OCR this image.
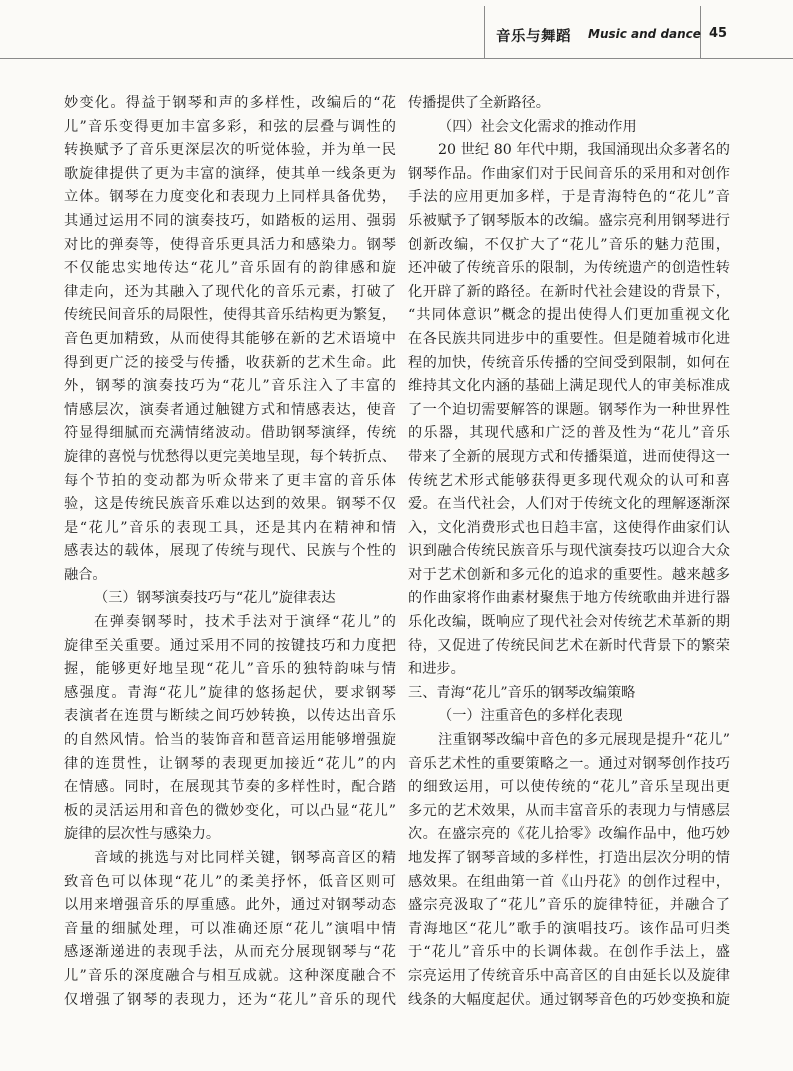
音乐与舞蹈 Music and dance 45
妙变化。得益于钢琴和声的多样性，改编后的“花
儿”音乐变得更加丰富多彩，和弦的层叠与调性的
转换赋予了音乐更深层次的听觉体验，并为单一民
歌旋律提供了更为丰富的演绎，使其单一线条更为
立体。钢琴在力度变化和表现力上同样具备优势，
其通过运用不同的演奏技巧，如踏板的运用、强弱
对比的弹奏等，使得音乐更具活力和感染力。钢琴
不仅能忠实地传达“花儿”音乐固有的韵律感和旋
律走向，还为其融入了现代化的音乐元素，打破了
传统民间音乐的局限性，使得其音乐结构更为繁复，
音色更加精致，从而使得其能够在新的艺术语境中
得到更广泛的接受与传播，收获新的艺术生命。此
外，钢琴的演奏技巧为“花儿”音乐注入了丰富的
情感层次，演奏者通过触键方式和情感表达，使音
符显得细腻而充满情绪波动。借助钢琴演绎，传统
旋律的喜悦与忧愁得以更完美地呈现，每个转折点、
每个节拍的变动都为听众带来了更丰富的音乐体
验，这是传统民族音乐难以达到的效果。钢琴不仅
是“花儿”音乐的表现工具，还是其内在精神和情
感表达的载体，展现了传统与现代、民族与个性的
融合。
（三）钢琴演奏技巧与“花儿”旋律表达
在弹奏钢琴时，技术手法对于演绎“花儿”的
旋律至关重要。通过采用不同的按键技巧和力度把
握，能够更好地呈现“花儿”音乐的独特韵味与情
感强度。青海“花儿”旋律的悠扬起伏，要求钢琴
表演者在连贯与断续之间巧妙转换，以传达出音乐
的自然风情。恰当的装饰音和琶音运用能够增强旋
律的连贯性，让钢琴的表现更加接近“花儿”的内
在情感。同时，在展现其节奏的多样性时，配合踏
板的灵活运用和音色的微妙变化，可以凸显“花儿”
旋律的层次性与感染力。
音域的挑选与对比同样关键，钢琴高音区的精
致音色可以体现“花儿”的柔美抒怀，低音区则可
以用来增强音乐的厚重感。此外，通过对钢琴动态
音量的细腻处理，可以准确还原“花儿”演唱中情
感逐渐递进的表现手法，从而充分展现钢琴与“花
儿”音乐的深度融合与相互成就。这种深度融合不
仅增强了钢琴的表现力，还为“花儿”音乐的现代
传播提供了全新路径。
（四）社会文化需求的推动作用
20 世纪 80 年代中期，我国涌现出众多著名的
钢琴作品。作曲家们对于民间音乐的采用和对创作
手法的应用更加多样，于是青海特色的“花儿”音
乐被赋予了钢琴版本的改编。盛宗亮利用钢琴进行
创新改编，不仅扩大了“花儿”音乐的魅力范围，
还冲破了传统音乐的限制，为传统遗产的创造性转
化开辟了新的路径。在新时代社会建设的背景下，
“共同体意识”概念的提出使得人们更加重视文化
在各民族共同进步中的重要性。但是随着城市化进
程的加快，传统音乐传播的空间受到限制，如何在
维持其文化内涵的基础上满足现代人的审美标准成
了一个迫切需要解答的课题。钢琴作为一种世界性
的乐器，其现代感和广泛的普及性为“花儿”音乐
带来了全新的展现方式和传播渠道，进而使得这一
传统艺术形式能够获得更多现代观众的认可和喜
爱。在当代社会，人们对于传统文化的理解逐渐深
入，文化消费形式也日趋丰富，这使得作曲家们认
识到融合传统民族音乐与现代演奏技巧以迎合大众
对于艺术创新和多元化的追求的重要性。越来越多
的作曲家将作曲素材聚焦于地方传统歌曲并进行器
乐化改编，既响应了现代社会对传统艺术革新的期
待，又促进了传统民间艺术在新时代背景下的繁荣
和进步。
三、青海“花儿”音乐的钢琴改编策略
（一）注重音色的多样化表现
注重钢琴改编中音色的多元展现是提升“花儿”
音乐艺术性的重要策略之一。通过对钢琴创作技巧
的细致运用，可以使传统的“花儿”音乐呈现出更
多元的艺术效果，从而丰富音乐的表现力与情感层
次。在盛宗亮的《花儿拾零》改编作品中，他巧妙
地发挥了钢琴音域的多样性，打造出层次分明的情
感效果。在组曲第一首《山丹花》的创作过程中，
盛宗亮汲取了“花儿”音乐的旋律特征，并融合了
青海地区“花儿”歌手的演唱技巧。该作品可归类
于“花儿”音乐中的长调体裁。在创作手法上，盛
宗亮运用了传统音乐中高音区的自由延长以及旋律
线条的大幅度起伏。通过钢琴音色的巧妙变换和旋
